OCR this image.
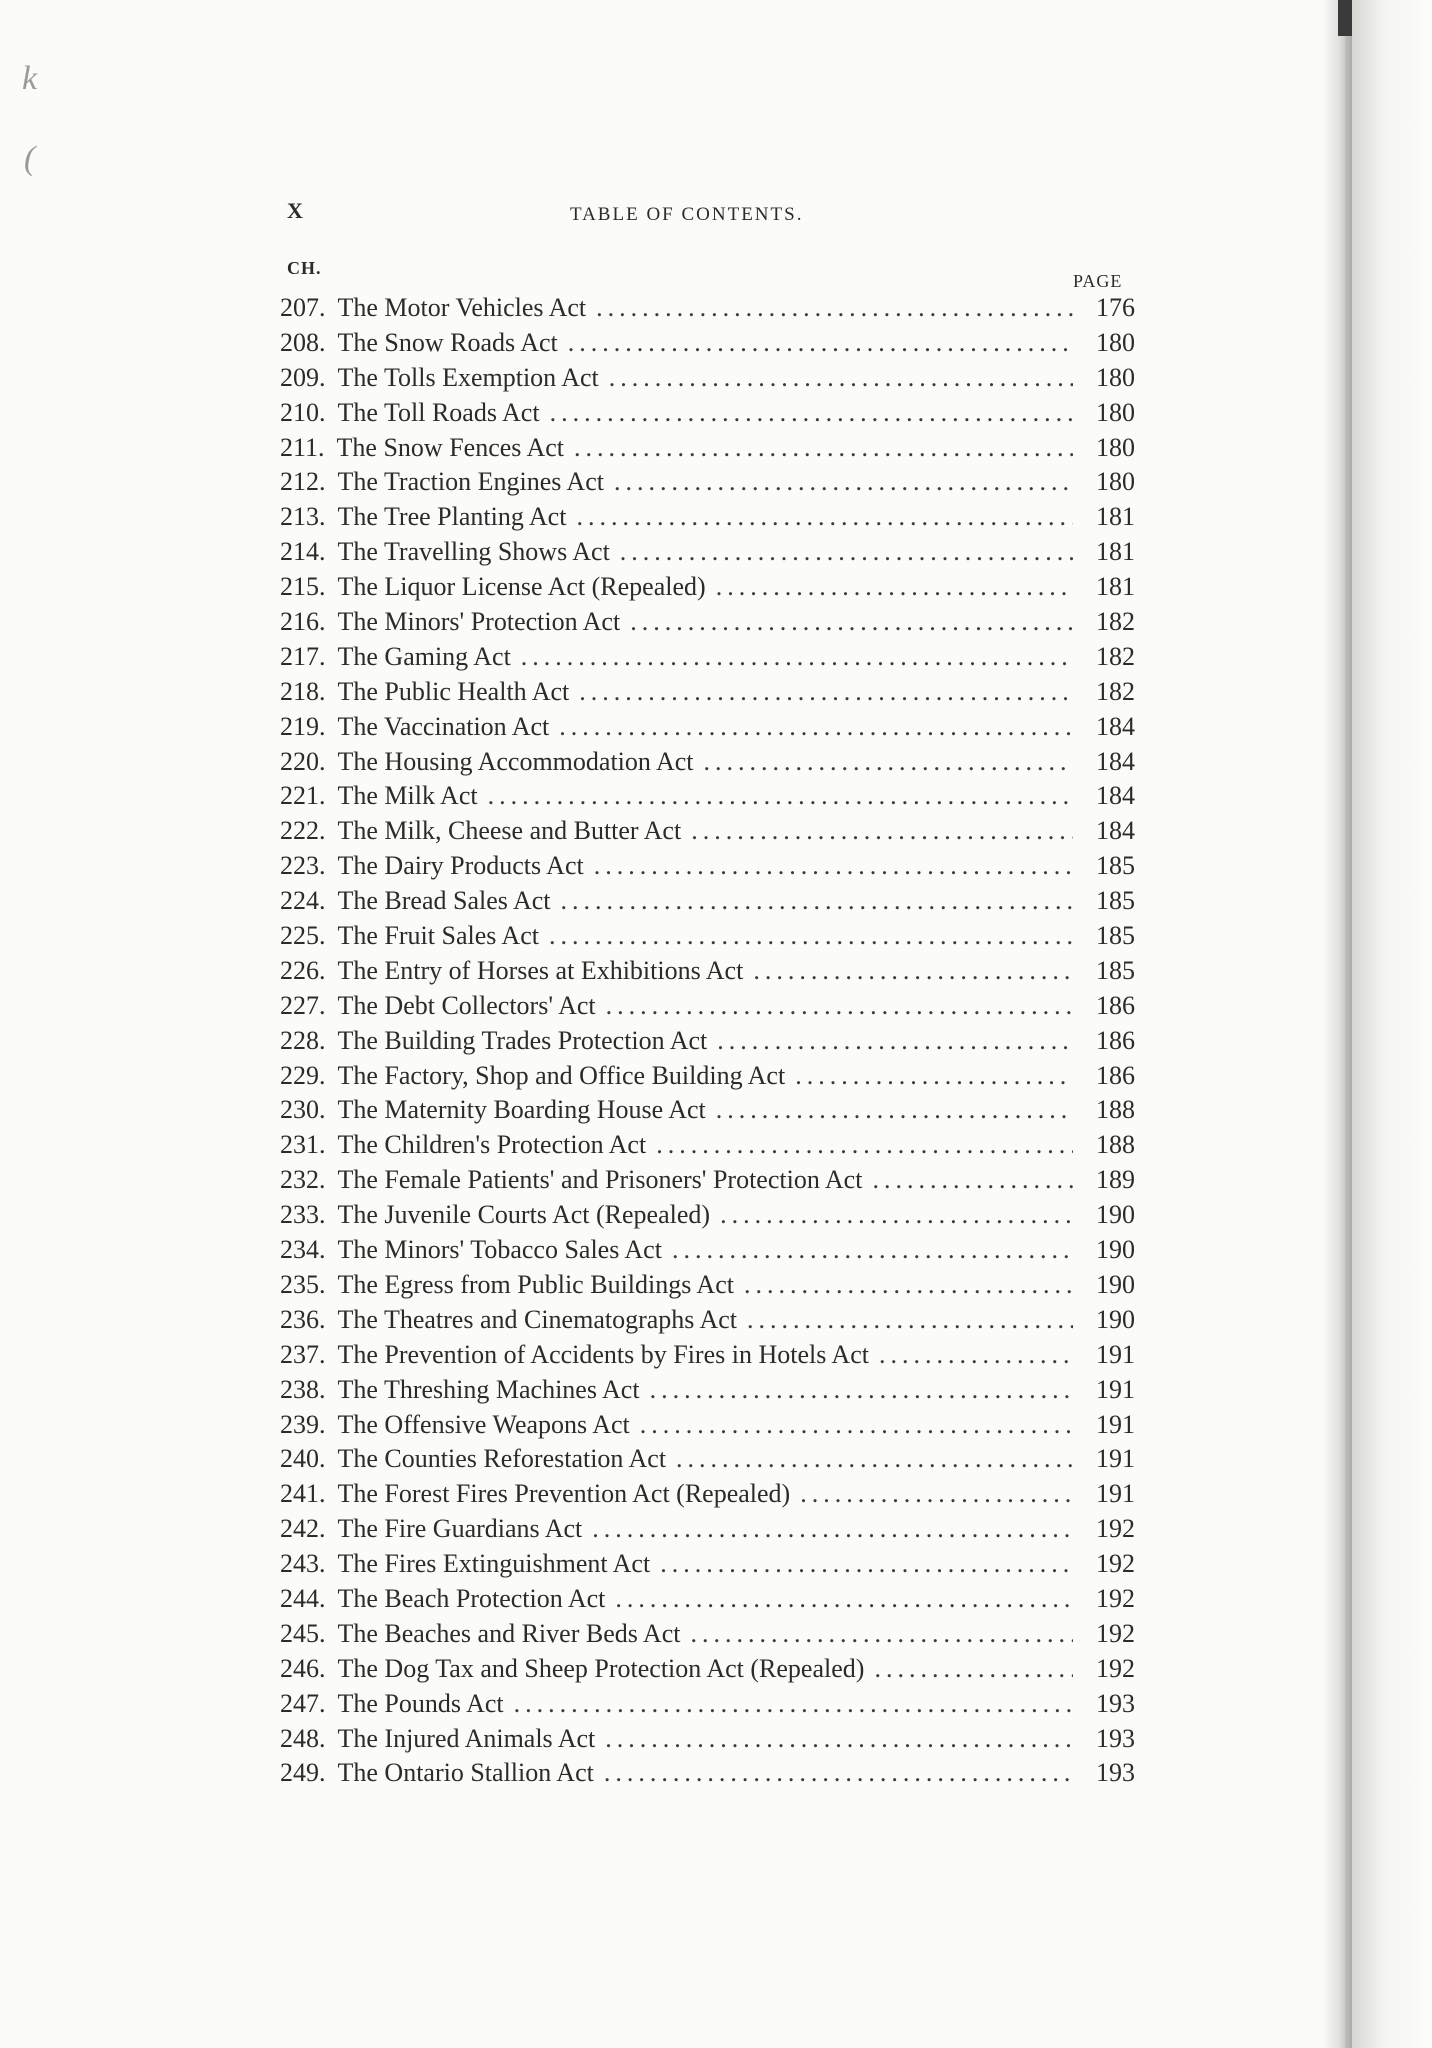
k
(
X	TABLE OF CONTENTS.
CH.
PAGE
207. The Motor Vehicles Act .....	176
208. The Snow Roads Act .....	180
209. The Tolls Exemption Act .....	180
210. The Toll Roads Act .....	180
211. The Snow Fences Act .....	180
212. The Traction Engines Act .....	180
213. The Tree Planting Act .....	181
214. The Travelling Shows Act .....	181
215. The Liquor License Act (Repealed) .....	181
216. The Minors' Protection Act .....	182
217. The Gaming Act .....	182
218. The Public Health Act .....	182
219. The Vaccination Act .....	184
220. The Housing Accommodation Act .....	184
221. The Milk Act .....	184
222. The Milk, Cheese and Butter Act .....	184
223. The Dairy Products Act .....	185
224. The Bread Sales Act .....	185
225. The Fruit Sales Act .....	185
226. The Entry of Horses at Exhibitions Act .....	185
227. The Debt Collectors' Act .....	186
228. The Building Trades Protection Act .....	186
229. The Factory, Shop and Office Building Act .....	186
230. The Maternity Boarding House Act .....	188
231. The Children's Protection Act .....	188
232. The Female Patients' and Prisoners' Protection Act .....	189
233. The Juvenile Courts Act (Repealed) .....	190
234. The Minors' Tobacco Sales Act .....	190
235. The Egress from Public Buildings Act .....	190
236. The Theatres and Cinematographs Act .....	190
237. The Prevention of Accidents by Fires in Hotels Act .....	191
238. The Threshing Machines Act .....	191
239. The Offensive Weapons Act .....	191
240. The Counties Reforestation Act .....	191
241. The Forest Fires Prevention Act (Repealed) .....	191
242. The Fire Guardians Act .....	192
243. The Fires Extinguishment Act .....	192
244. The Beach Protection Act .....	192
245. The Beaches and River Beds Act .....	192
246. The Dog Tax and Sheep Protection Act (Repealed) .....	192
247. The Pounds Act .....	193
248. The Injured Animals Act .....	193
249. The Ontario Stallion Act .....	193
